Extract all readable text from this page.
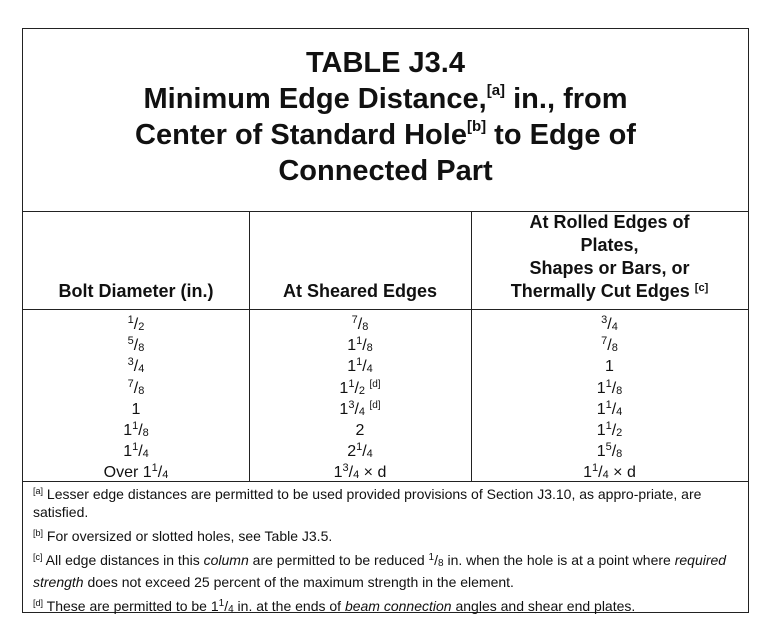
TABLE J3.4
Minimum Edge Distance,[a] in., from
Center of Standard Hole[b] to Edge of
Connected Part
Bolt Diameter (in.)	At Sheared Edges
At Rolled Edges of
Plates,
Shapes or Bars, or
Thermally Cut Edges [c]
$^1/_2$
$^5/_8$
$^3/_4$
$^7/_8$
1
$1^1/_8$
$1^1/_4$
Over $1^1/_4$
$^7/_8$
$1^1/_8$
$1^1/_4$
$1^1/_2$ [d]
$1^3/_4$ [d]
2
$2^1/_4$
$1^3/_4 \times d$
$^3/_4$
$^7/_8$
1
$1^1/_8$
$1^1/_4$
$1^1/_2$
$1^5/_8$
$1^1/_4 \times d$

[a] Lesser edge distances are permitted to be used provided provisions of Section J3.10, as appro-priate, are satisfied.

[b] For oversized or slotted holes, see Table J3.5.

[c] All edge distances in this column are permitted to be reduced $^1/_8$ in. when the hole is at a point where required strength does not exceed 25 percent of the maximum strength in the element.

[d] These are permitted to be $1^1/_4$ in. at the ends of beam connection angles and shear end plates.
